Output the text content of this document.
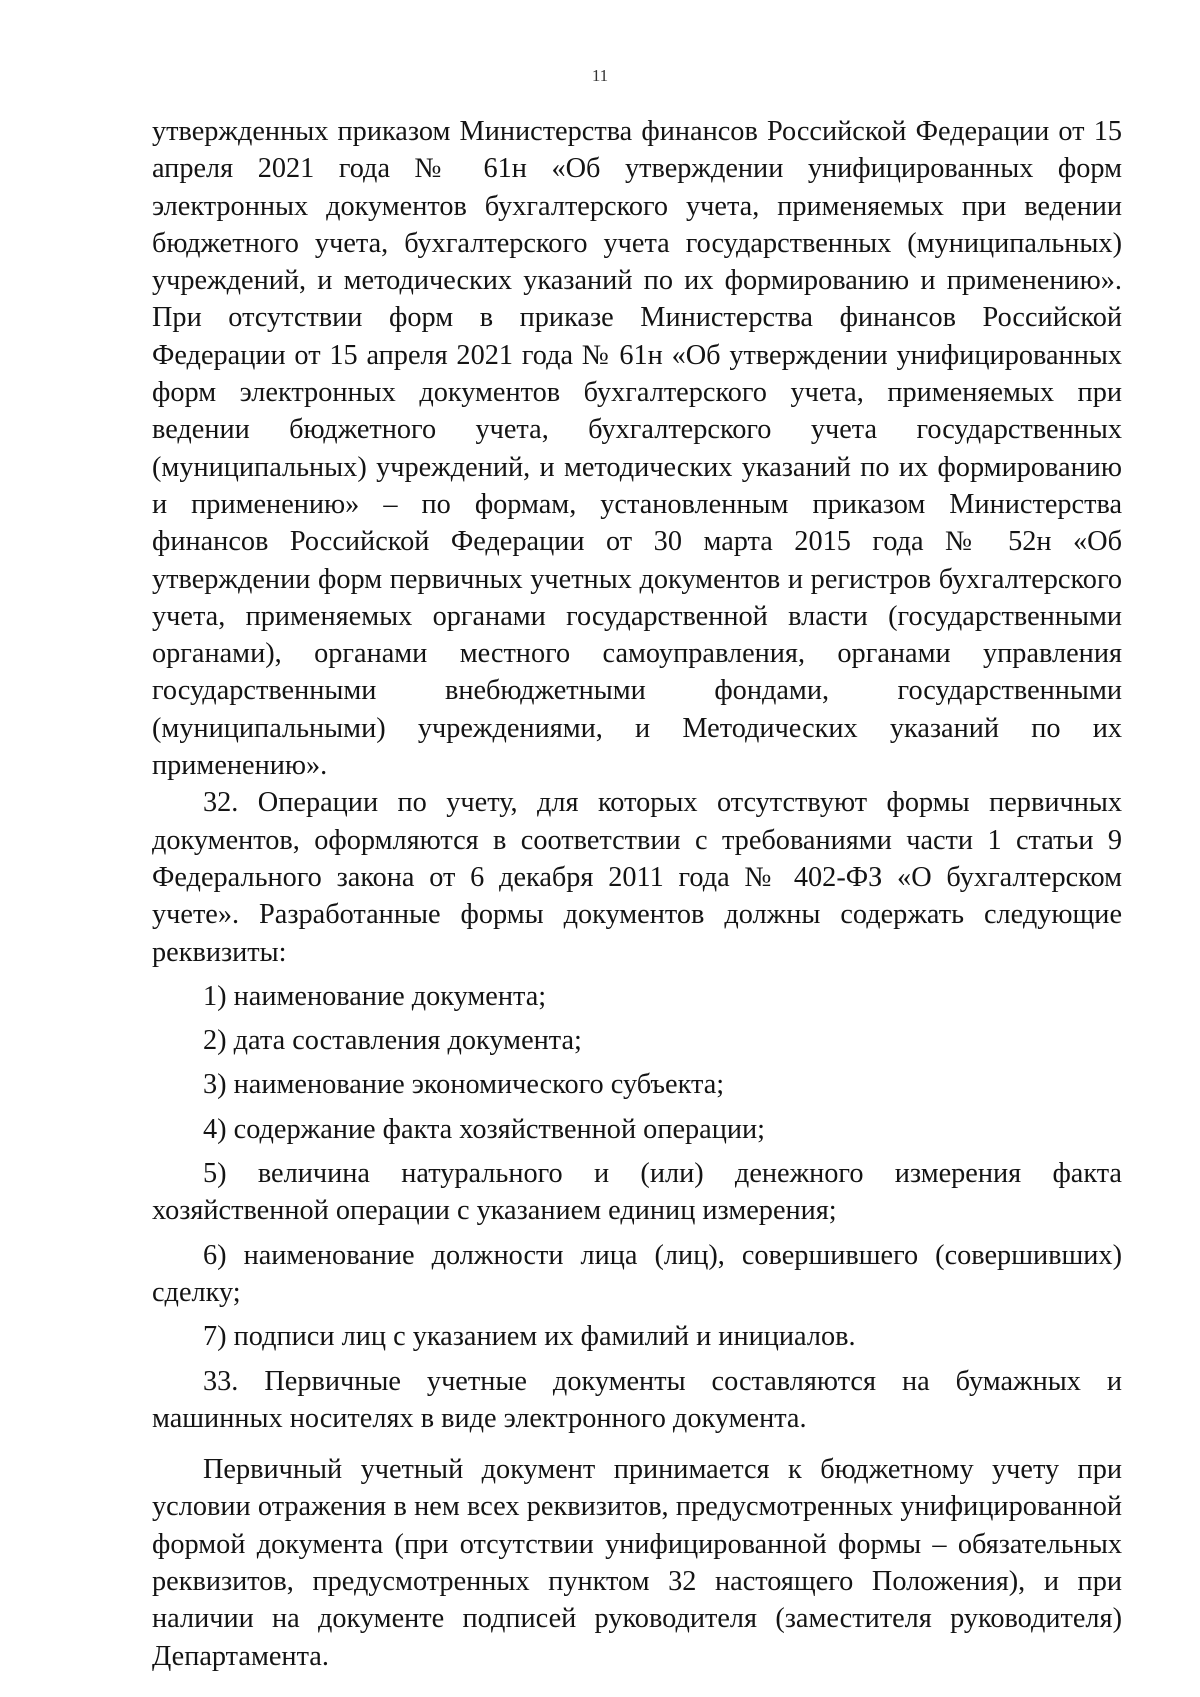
11

утвержденных приказом Министерства финансов Российской Федерации от 15 апреля 2021 года № 61н «Об утверждении унифицированных форм электронных документов бухгалтерского учета, применяемых при ведении бюджетного учета, бухгалтерского учета государственных (муниципальных) учреждений, и методических указаний по их формированию и применению». При отсутствии форм в приказе Министерства финансов Российской Федерации от 15 апреля 2021 года № 61н «Об утверждении унифицированных форм электронных документов бухгалтерского учета, применяемых при ведении бюджетного учета, бухгалтерского учета государственных (муниципальных) учреждений, и методических указаний по их формированию и применению» – по формам, установленным приказом Министерства финансов Российской Федерации от 30 марта 2015 года № 52н «Об утверждении форм первичных учетных документов и регистров бухгалтерского учета, применяемых органами государственной власти (государственными органами), органами местного самоуправления, органами управления государственными внебюджетными фондами, государственными (муниципальными) учреждениями, и Методических указаний по их применению».

32. Операции по учету, для которых отсутствуют формы первичных документов, оформляются в соответствии с требованиями части 1 статьи 9 Федерального закона от 6 декабря 2011 года № 402-ФЗ «О бухгалтерском учете». Разработанные формы документов должны содержать следующие реквизиты:

1) наименование документа;

2) дата составления документа;

3) наименование экономического субъекта;

4) содержание факта хозяйственной операции;

5) величина натурального и (или) денежного измерения факта хозяйственной операции с указанием единиц измерения;

6) наименование должности лица (лиц), совершившего (совершивших) сделку;

7) подписи лиц с указанием их фамилий и инициалов.

33. Первичные учетные документы составляются на бумажных и машинных носителях в виде электронного документа.

Первичный учетный документ принимается к бюджетному учету при условии отражения в нем всех реквизитов, предусмотренных унифицированной формой документа (при отсутствии унифицированной формы – обязательных реквизитов, предусмотренных пунктом 32 настоящего Положения), и при наличии на документе подписей руководителя (заместителя руководителя) Департамента.
